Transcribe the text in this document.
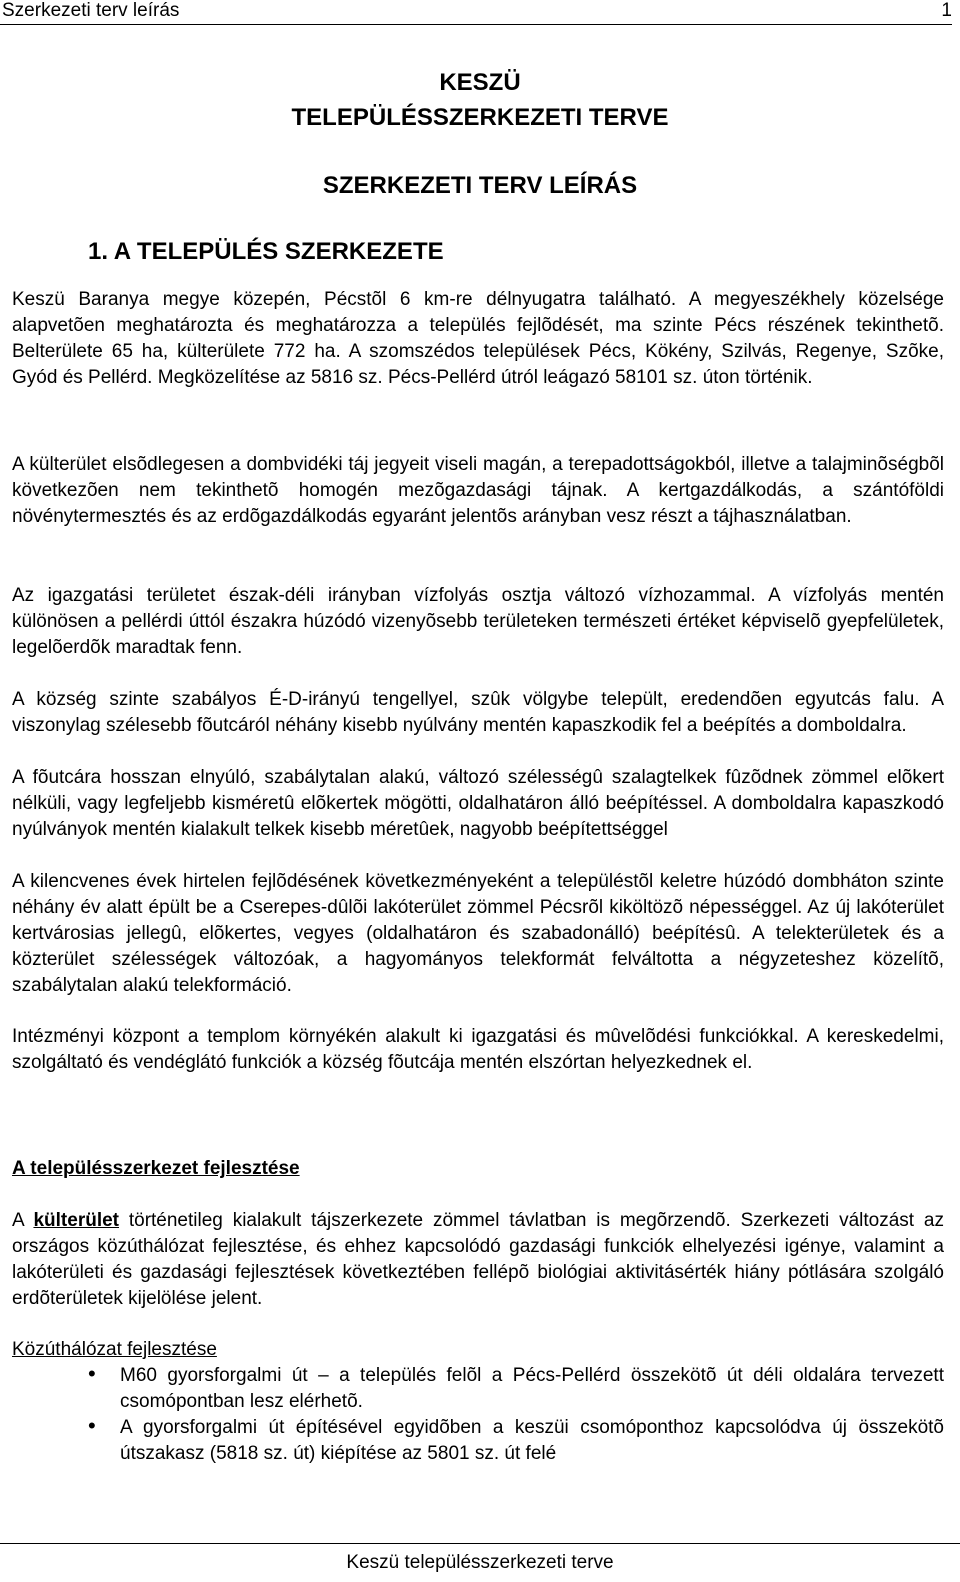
Szerkezeti terv leírás	1
KESZÜ
TELEPÜLÉSSZERKEZETI TERVE
SZERKEZETI TERV LEÍRÁS
1. A TELEPÜLÉS SZERKEZETE

Keszü Baranya megye közepén, Pécstõl 6 km-re délnyugatra található. A megyeszékhely közelsége alapvetõen meghatározta és meghatározza a település fejlõdését, ma szinte Pécs részének tekinthetõ. Belterülete 65 ha, külterülete 772 ha. A szomszédos települések Pécs, Kökény, Szilvás, Regenye, Szõke, Gyód és Pellérd. Megközelítése az 5816 sz. Pécs-Pellérd útról leágazó 58101 sz. úton történik.

A külterület elsõdlegesen a dombvidéki táj jegyeit viseli magán, a terepadottságokból, illetve a talajminõségbõl következõen nem tekinthetõ homogén mezõgazdasági tájnak. A kertgazdálkodás, a szántóföldi növénytermesztés és az erdõgazdálkodás egyaránt jelentõs arányban vesz részt a tájhasználatban.

Az igazgatási területet észak-déli irányban vízfolyás osztja változó vízhozammal. A vízfolyás mentén különösen a pellérdi úttól északra húzódó vizenyõsebb területeken természeti értéket képviselõ gyepfelületek, legelõerdõk maradtak fenn.

A község szinte szabályos É-D-irányú tengellyel, szûk völgybe települt, eredendõen egyutcás falu. A viszonylag szélesebb fõutcáról néhány kisebb nyúlvány mentén kapaszkodik fel a beépítés a domboldalra.

A fõutcára hosszan elnyúló, szabálytalan alakú, változó szélességû szalagtelkek fûzõdnek zömmel elõkert nélküli, vagy legfeljebb kisméretû elõkertek mögötti, oldalhatáron álló beépítéssel. A domboldalra kapaszkodó nyúlványok mentén kialakult telkek kisebb méretûek, nagyobb beépítettséggel

A kilencvenes évek hirtelen fejlõdésének következményeként a településtõl keletre húzódó dombháton szinte néhány év alatt épült be a Cserepes-dûlõi lakóterület zömmel Pécsrõl kiköltözõ népességgel. Az új lakóterület kertvárosias jellegû, elõkertes, vegyes (oldalhatáron és szabadonálló) beépítésû. A telekterületek és a közterület szélességek változóak, a hagyományos telekformát felváltotta a négyzeteshez közelítõ, szabálytalan alakú telekformáció.

Intézményi központ a templom környékén alakult ki igazgatási és mûvelõdési funkciókkal. A kereskedelmi, szolgáltató és vendéglátó funkciók a község fõutcája mentén elszórtan helyezkednek el.

A településszerkezet fejlesztése

A külterület történetileg kialakult tájszerkezete zömmel távlatban is megõrzendõ. Szerkezeti változást az országos közúthálózat fejlesztése, és ehhez kapcsolódó gazdasági funkciók elhelyezési igénye, valamint a lakóterületi és gazdasági fejlesztések következtében fellépõ biológiai aktivitásérték hiány pótlására szolgáló erdõterületek kijelölése jelent.

Közúthálózat fejlesztése
• M60 gyorsforgalmi út – a település felõl a Pécs-Pellérd összekötõ út déli oldalára tervezett csomópontban lesz elérhetõ.

• A gyorsforgalmi út építésével egyidõben a keszüi csomóponthoz kapcsolódva új összekötõ útszakasz (5818 sz. út) kiépítése az 5801 sz. út felé

Keszü településszerkezeti terve
